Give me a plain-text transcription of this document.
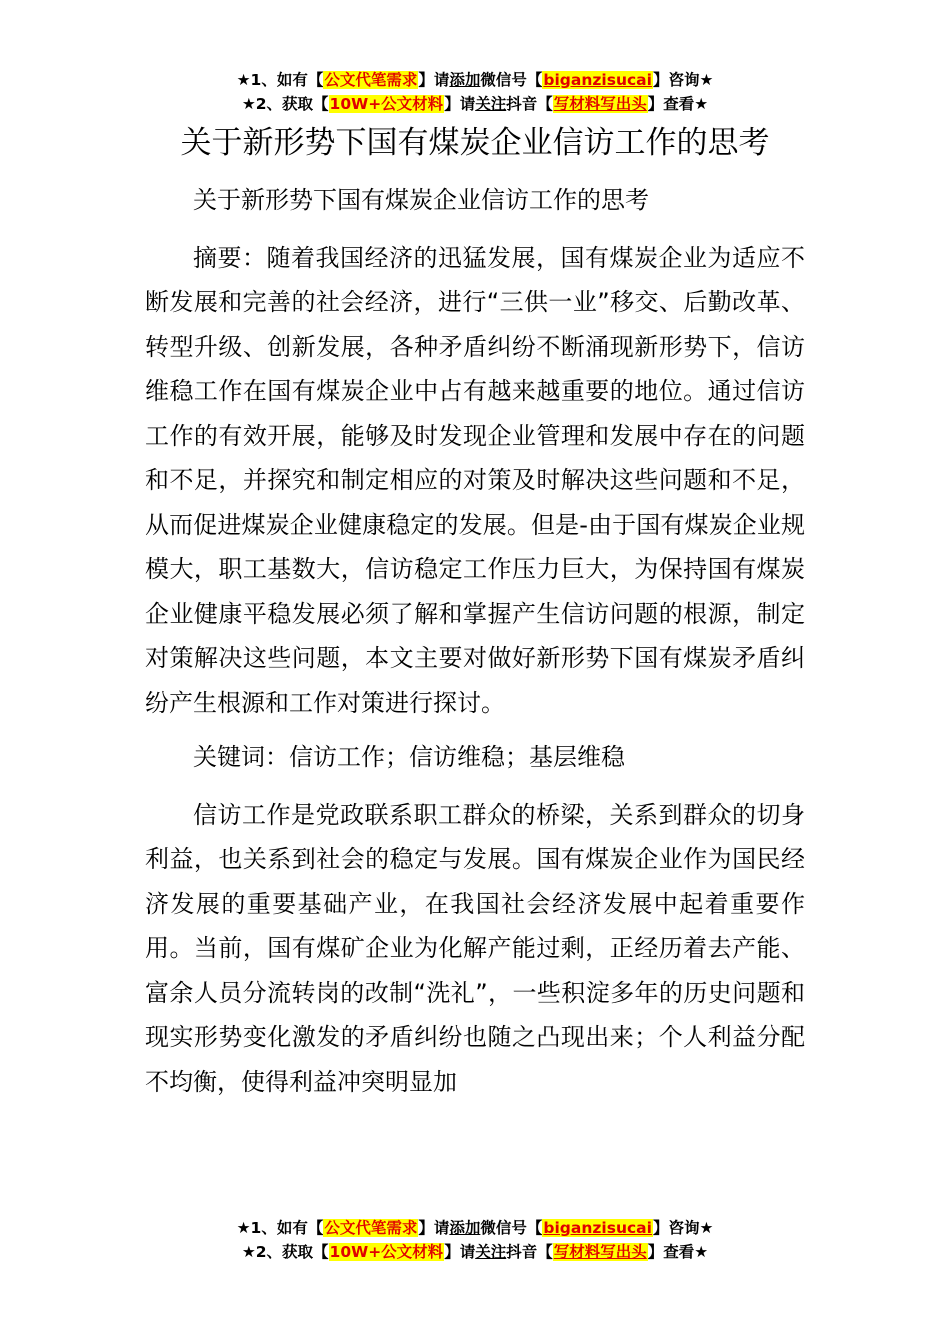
★1、如有【公文代笔需求】请添加微信号【biganzisucai】咨询★
★2、获取【10W+公文材料】请关注抖音【写材料写出头】查看★
关于新形势下国有煤炭企业信访工作的思考

关于新形势下国有煤炭企业信访工作的思考

摘要：随着我国经济的迅猛发展，国有煤炭企业为适应不断发展和完善的社会经济，进行“三供一业”移交、后勤改革、转型升级、创新发展，各种矛盾纠纷不断涌现新形势下，信访维稳工作在国有煤炭企业中占有越来越重要的地位。通过信访工作的有效开展，能够及时发现企业管理和发展中存在的问题和不足，并探究和制定相应的对策及时解决这些问题和不足，从而促进煤炭企业健康稳定的发展。但是-由于国有煤炭企业规模大，职工基数大，信访稳定工作压力巨大，为保持国有煤炭企业健康平稳发展必须了解和掌握产生信访问题的根源，制定对策解决这些问题，本文主要对做好新形势下国有煤炭矛盾纠纷产生根源和工作对策进行探讨。

关键词：信访工作；信访维稳；基层维稳

信访工作是党政联系职工群众的桥梁，关系到群众的切身利益，也关系到社会的稳定与发展。国有煤炭企业作为国民经济发展的重要基础产业，在我国社会经济发展中起着重要作用。当前，国有煤矿企业为化解产能过剩，正经历着去产能、富余人员分流转岗的改制“洗礼”，一些积淀多年的历史问题和现实形势变化激发的矛盾纠纷也随之凸现出来；个人利益分配不均衡，使得利益冲突明显加

★1、如有【公文代笔需求】请添加微信号【biganzisucai】咨询★
★2、获取【10W+公文材料】请关注抖音【写材料写出头】查看★
